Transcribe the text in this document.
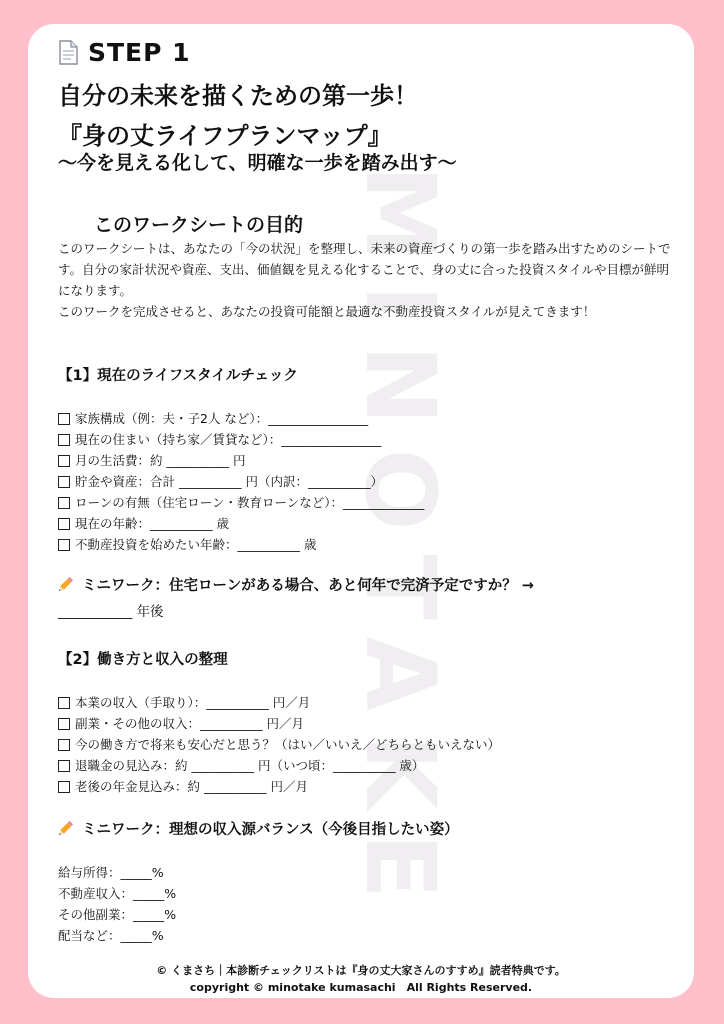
MINOTAKE
STEP 1
自分の未来を描くための第一歩！
『身の丈ライフプランマップ』
〜今を見える化して、明確な一歩を踏み出す〜
このワークシートの目的

このワークシートは、あなたの「今の状況」を整理し、未来の資産づくりの第一歩を踏み出すためのシートです。自分の家計状況や資産、支出、価値観を見える化することで、身の丈に合った投資スタイルや目標が鮮明になります。

このワークを完成させると、あなたの投資可能額と最適な不動産投資スタイルが見えてきます！

【1】現在のライフスタイルチェック
家族構成（例：夫・子2人 など）：________________
現在の住まい（持ち家／賃貸など）：________________
月の生活費：約 __________ 円
貯金や資産：合計 __________ 円（内訳：__________）
ローンの有無（住宅ローン・教育ローンなど）：_____________
現在の年齢：__________ 歳
不動産投資を始めたい年齢：__________ 歳
ミニワーク：住宅ローンがある場合、あと何年で完済予定ですか？ →
___________ 年後
【2】働き方と収入の整理
本業の収入（手取り）：__________ 円／月
副業・その他の収入：__________ 円／月
今の働き方で将来も安心だと思う？（はい／いいえ／どちらともいえない）
退職金の見込み：約 __________ 円（いつ頃：__________ 歳）
老後の年金見込み：約 __________ 円／月
ミニワーク：理想の収入源バランス（今後目指したい姿）
給与所得：_____%
不動産収入：_____%
その他副業：_____%
配当など：_____%
© くまさち｜本診断チェックリストは『身の丈大家さんのすすめ』読者特典です。
copyright © minotake kumasachi　All Rights Reserved.
